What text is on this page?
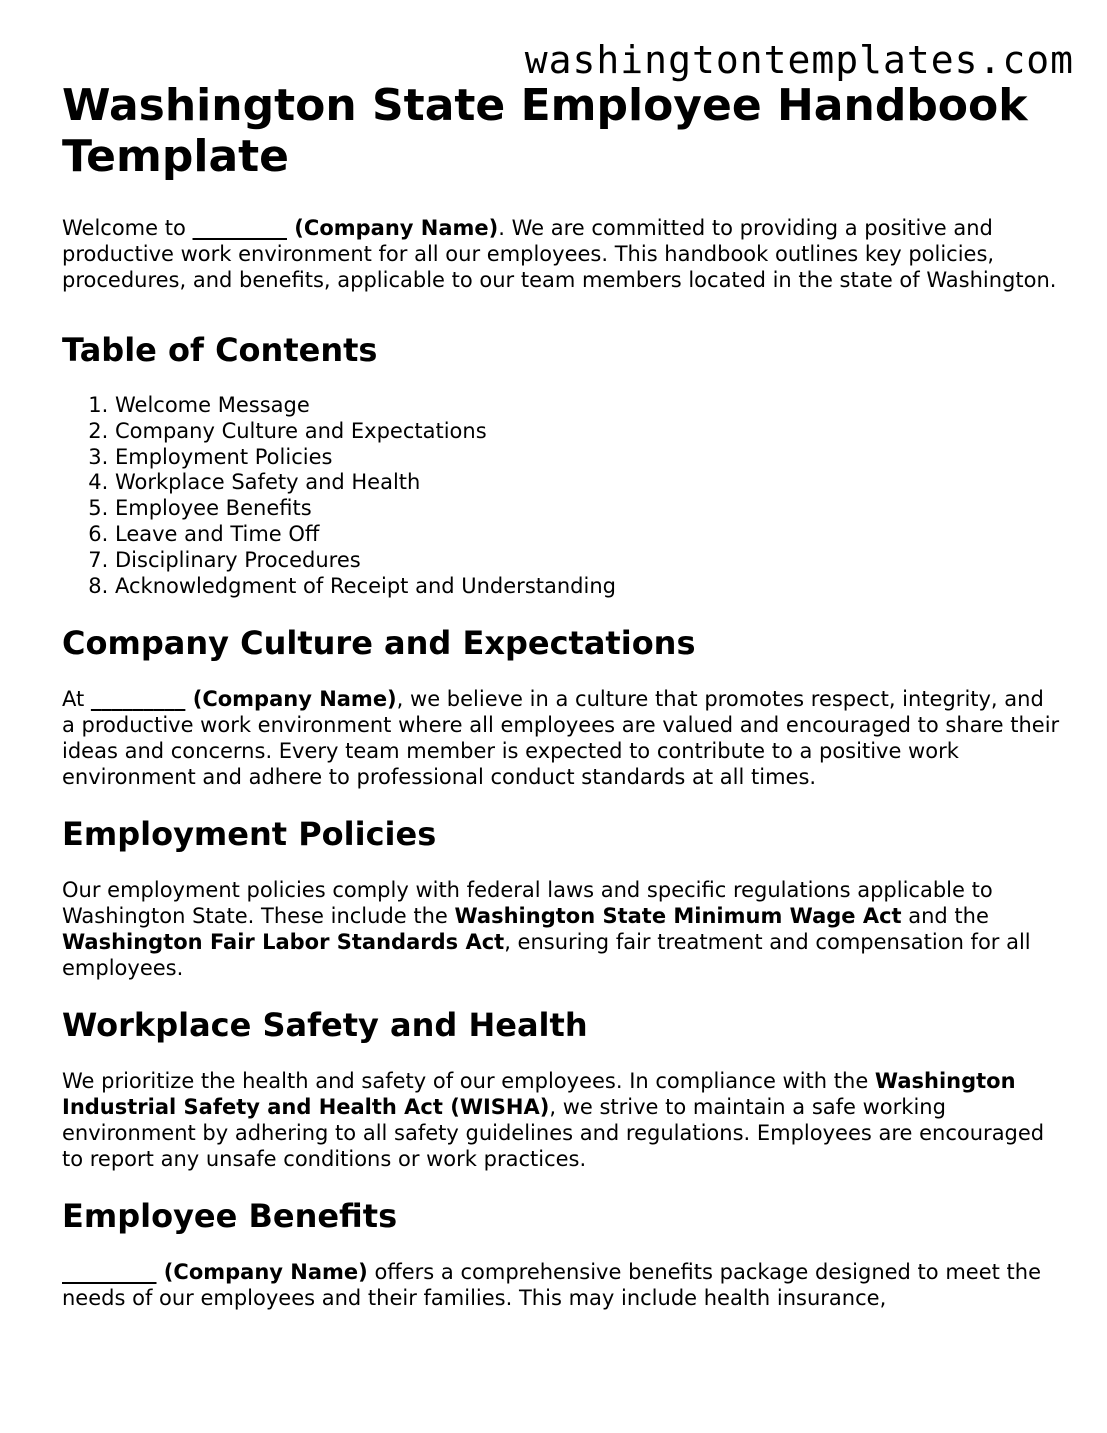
washingtontemplates.com
Washington State Employee Handbook Template

Welcome to _________ (Company Name). We are committed to providing a positive and productive work environment for all our employees. This handbook outlines key policies, procedures, and benefits, applicable to our team members located in the state of Washington.

Table of Contents
1. Welcome Message
2. Company Culture and Expectations
3. Employment Policies
4. Workplace Safety and Health
5. Employee Benefits
6. Leave and Time Off
7. Disciplinary Procedures
8. Acknowledgment of Receipt and Understanding
Company Culture and Expectations

At _________ (Company Name), we believe in a culture that promotes respect, integrity, and a productive work environment where all employees are valued and encouraged to share their ideas and concerns. Every team member is expected to contribute to a positive work environment and adhere to professional conduct standards at all times.

Employment Policies

Our employment policies comply with federal laws and specific regulations applicable to Washington State. These include the Washington State Minimum Wage Act and the Washington Fair Labor Standards Act, ensuring fair treatment and compensation for all employees.

Workplace Safety and Health

We prioritize the health and safety of our employees. In compliance with the Washington Industrial Safety and Health Act (WISHA), we strive to maintain a safe working environment by adhering to all safety guidelines and regulations. Employees are encouraged to report any unsafe conditions or work practices.

Employee Benefits

_________ (Company Name) offers a comprehensive benefits package designed to meet the needs of our employees and their families. This may include health insurance,
